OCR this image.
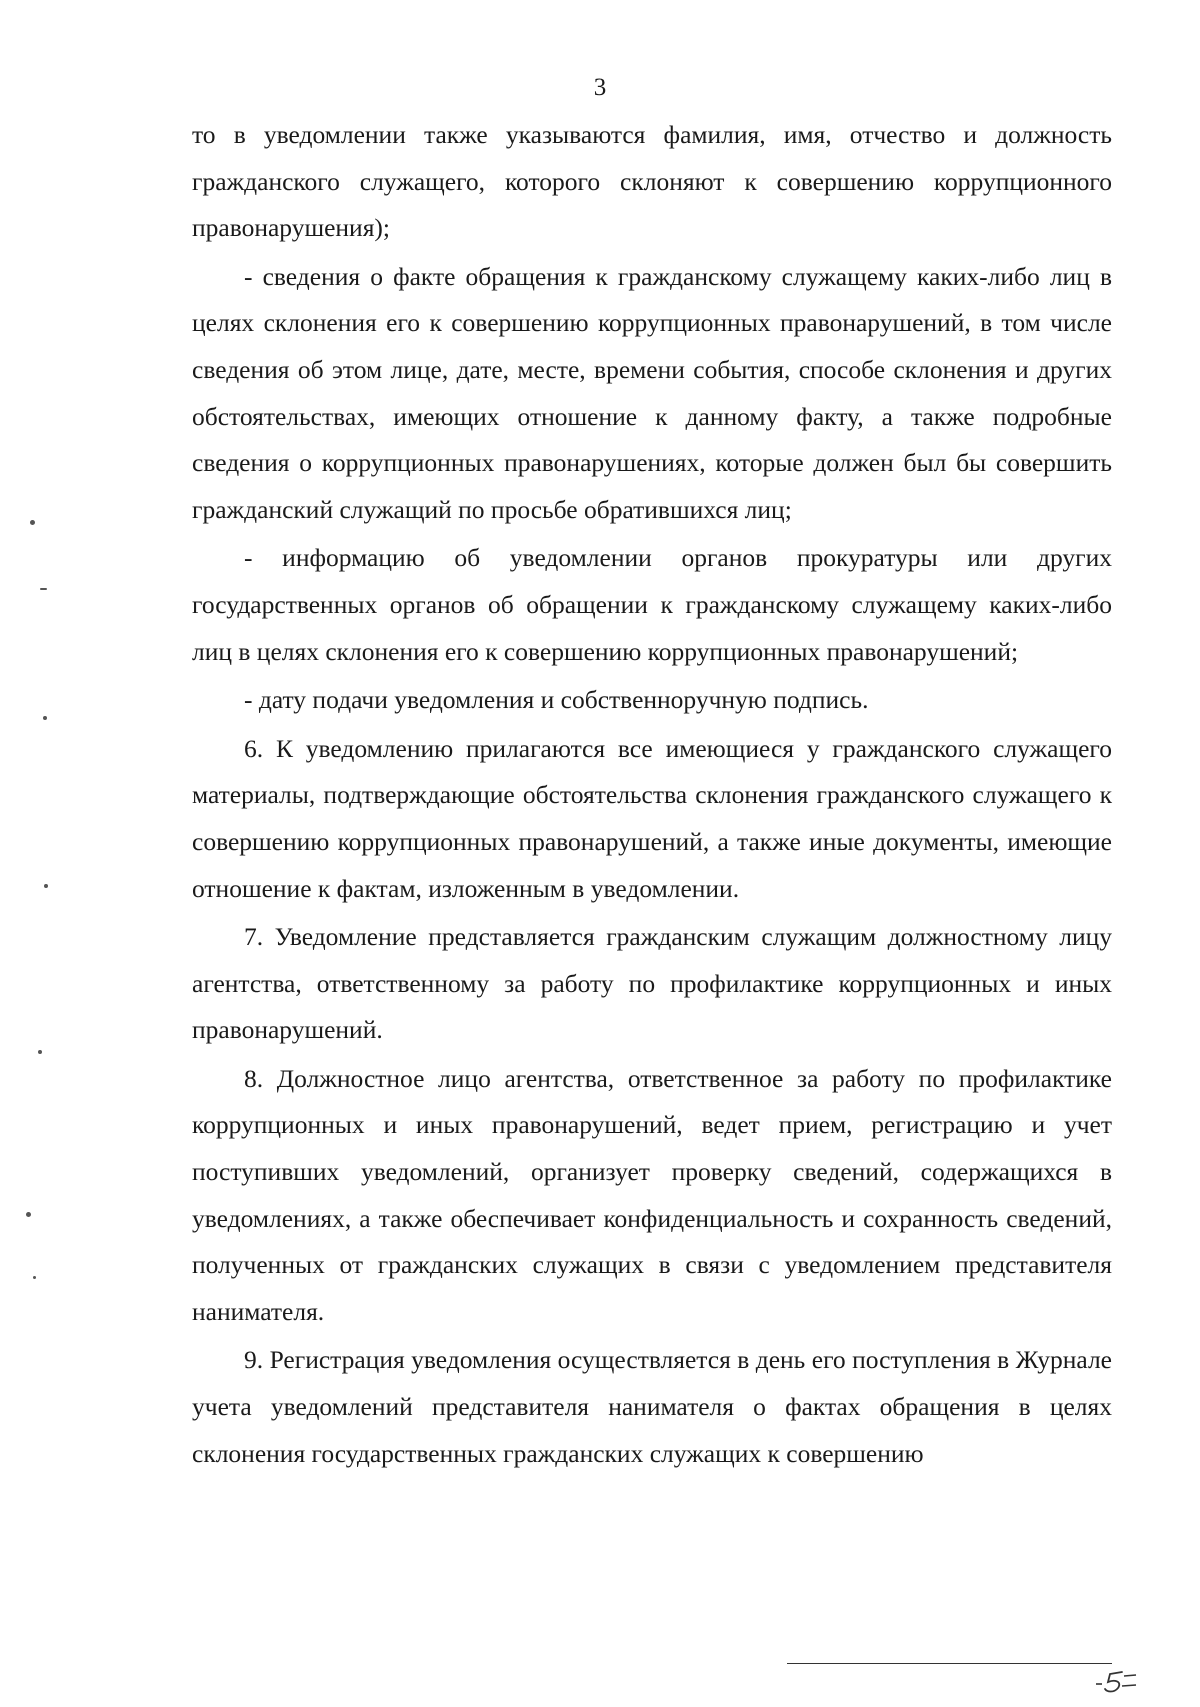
3

то в уведомлении также указываются фамилия, имя, отчество и должность гражданского служащего, которого склоняют к совершению коррупционного правонарушения);

- сведения о факте обращения к гражданскому служащему каких-либо лиц в целях склонения его к совершению коррупционных правонарушений, в том числе сведения об этом лице, дате, месте, времени события, способе склонения и других обстоятельствах, имеющих отношение к данному факту, а также подробные сведения о коррупционных правонарушениях, которые должен был бы совершить гражданский служащий по просьбе обратившихся лиц;

- информацию об уведомлении органов прокуратуры или других государственных органов об обращении к гражданскому служащему каких-либо лиц в целях склонения его к совершению коррупционных правонарушений;

- дату подачи уведомления и собственноручную подпись.

6. К уведомлению прилагаются все имеющиеся у гражданского служащего материалы, подтверждающие обстоятельства склонения гражданского служащего к совершению коррупционных правонарушений, а также иные документы, имеющие отношение к фактам, изложенным в уведомлении.

7. Уведомление представляется гражданским служащим должностному лицу агентства, ответственному за работу по профилактике коррупционных и иных правонарушений.

8. Должностное лицо агентства, ответственное за работу по профилактике коррупционных и иных правонарушений, ведет прием, регистрацию и учет поступивших уведомлений, организует проверку сведений, содержащихся в уведомлениях, а также обеспечивает конфиденциальность и сохранность сведений, полученных от гражданских служащих в связи с уведомлением представителя нанимателя.

9. Регистрация уведомления осуществляется в день его поступления в Журнале учета уведомлений представителя нанимателя о фактах обращения в целях склонения государственных гражданских служащих к совершению
